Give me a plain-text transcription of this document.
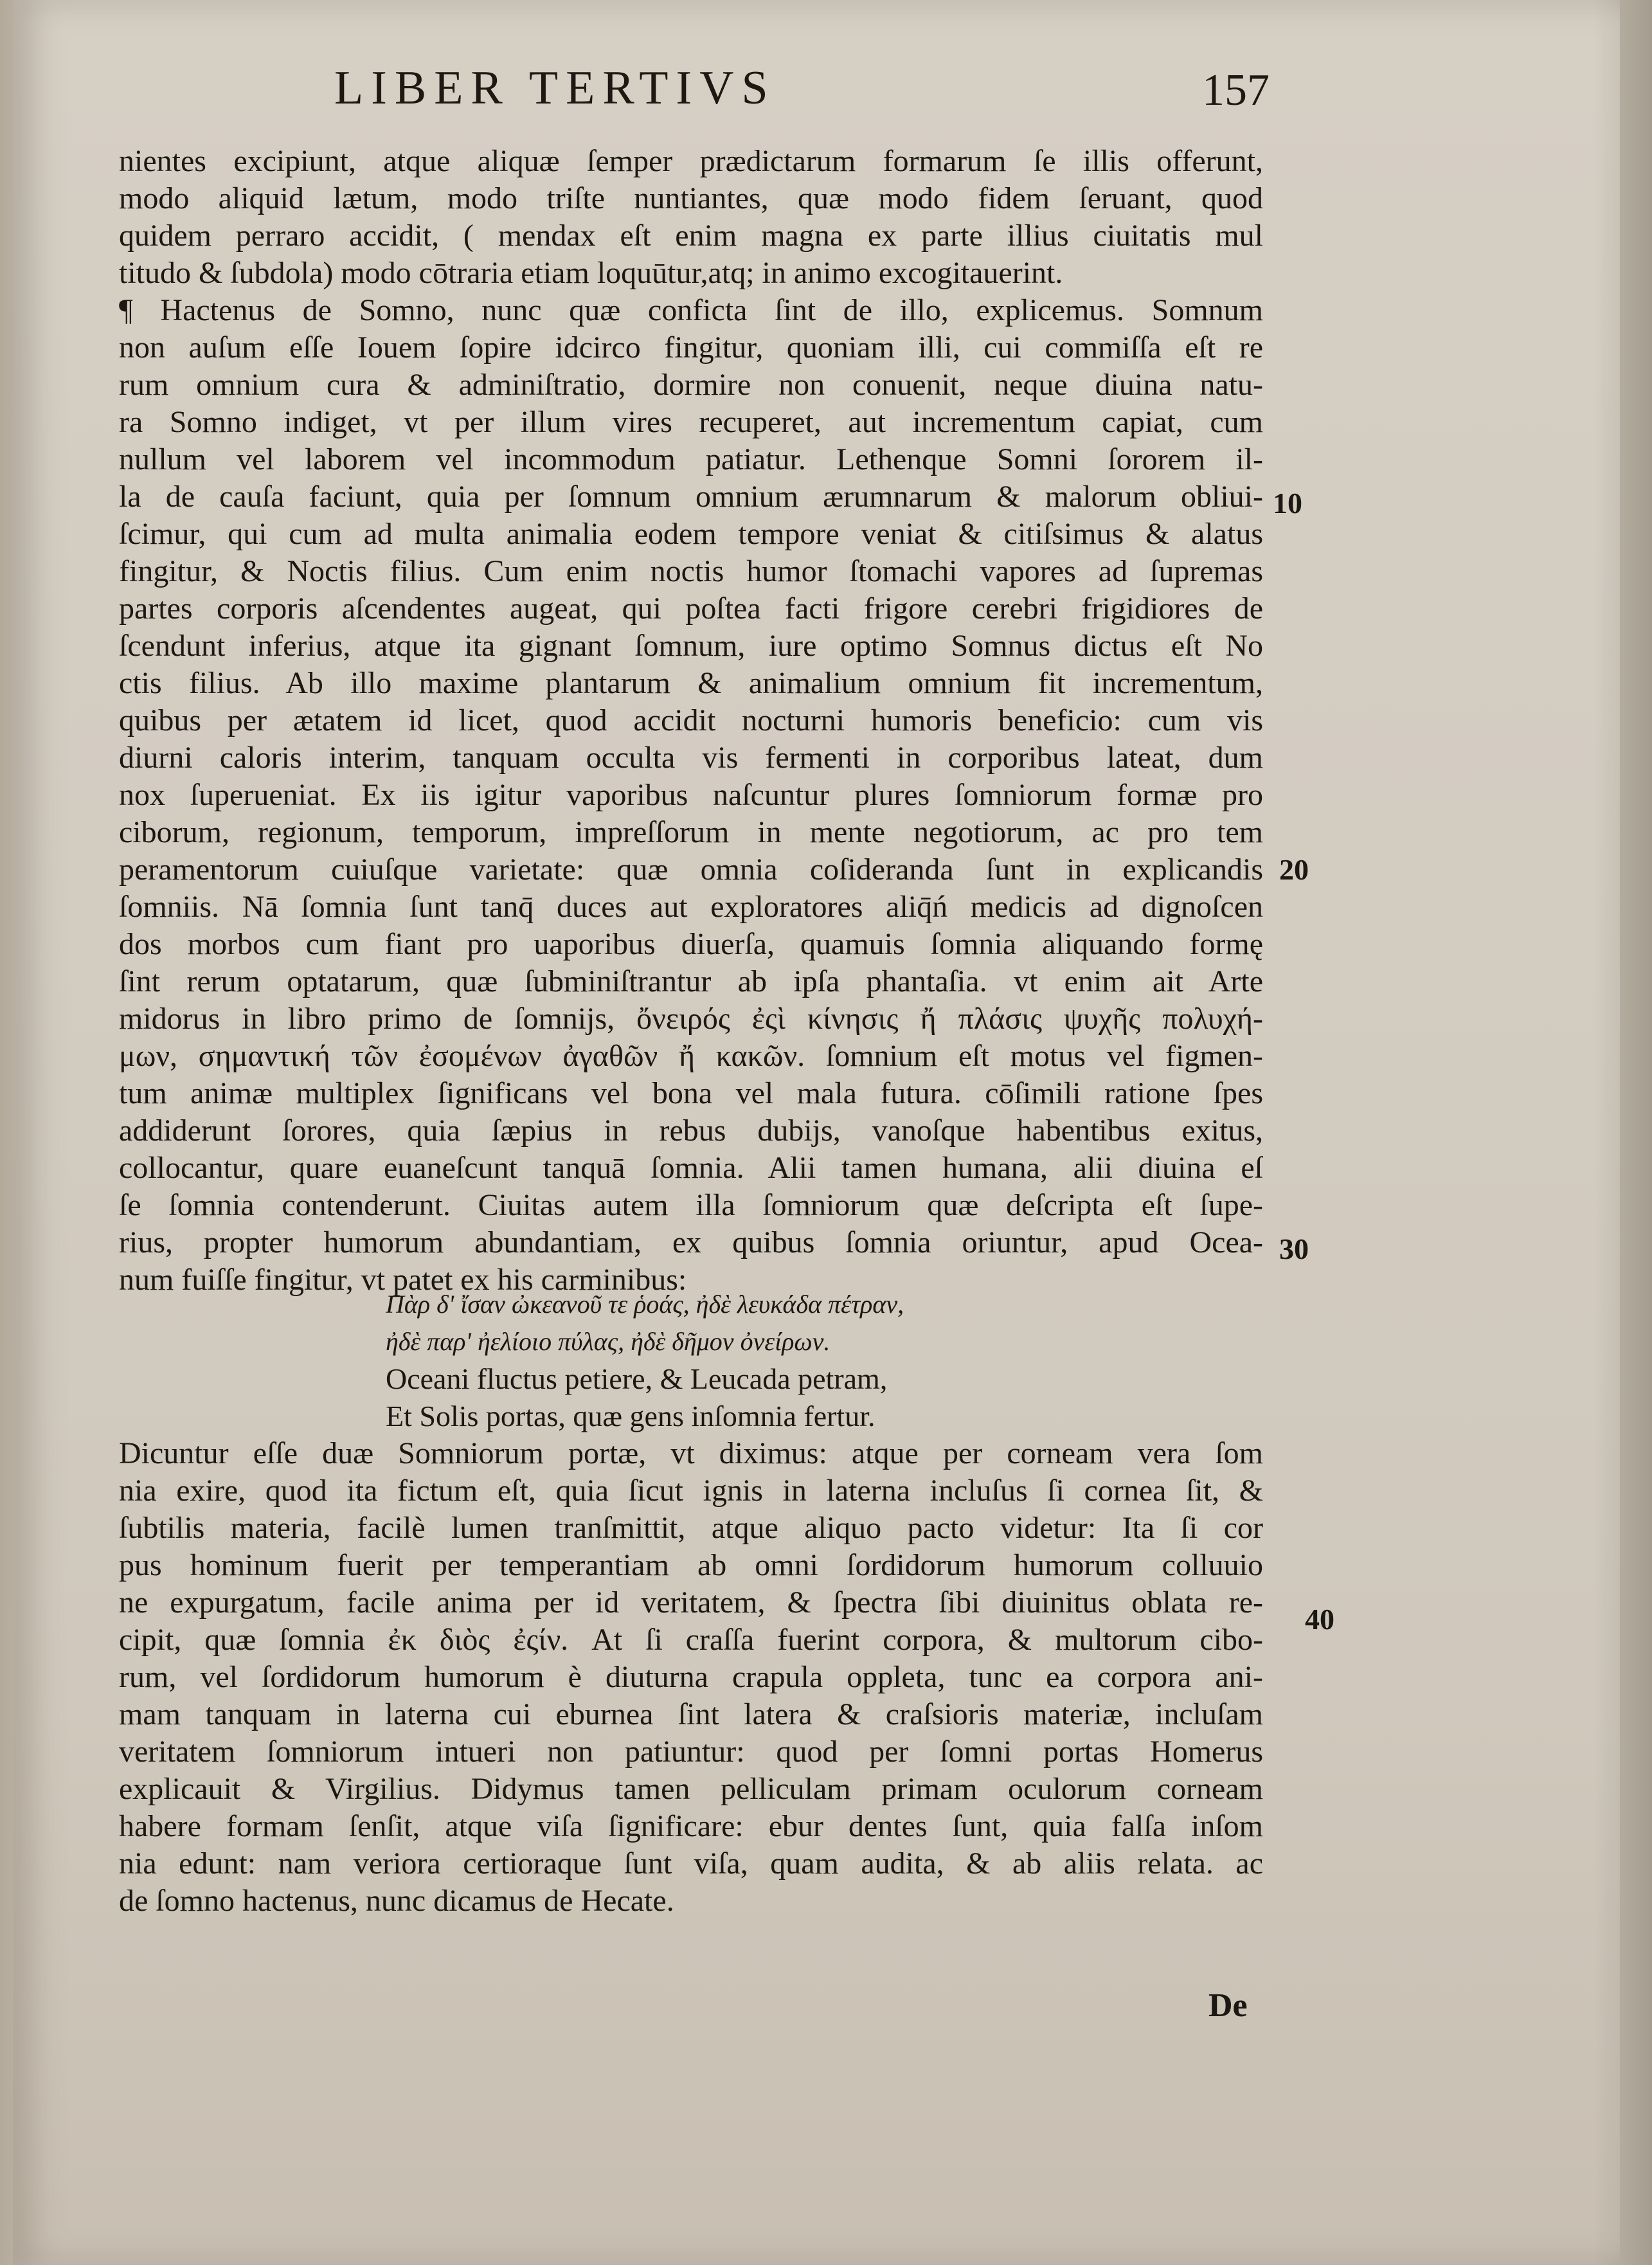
LIBER TERTIVS	157
nientes excipiunt, atque aliquæ ſemper prædictarum formarum ſe illis offerunt,
modo aliquid lætum, modo triſte nuntiantes, quæ modo fidem ſeruant, quod
quidem perraro accidit, ( mendax eſt enim magna ex parte illius ciuitatis mul
titudo & ſubdola) modo cōtraria etiam loquūtur,atq; in animo excogitauerint.
¶ Hactenus de Somno, nunc quæ conficta ſint de illo, explicemus. Somnum
non auſum eſſe Iouem ſopire idcirco fingitur, quoniam illi, cui commiſſa eſt re
rum omnium cura & adminiſtratio, dormire non conuenit, neque diuina natu-
ra Somno indiget, vt per illum vires recuperet, aut incrementum capiat, cum
nullum vel laborem vel incommodum patiatur. Lethenque Somni ſororem il-
la de cauſa faciunt, quia per ſomnum omnium ærumnarum & malorum obliui-
ſcimur, qui cum ad multa animalia eodem tempore veniat & citiſsimus & alatus
fingitur, & Noctis filius. Cum enim noctis humor ſtomachi vapores ad ſupremas
partes corporis aſcendentes augeat, qui poſtea facti frigore cerebri frigidiores de
ſcendunt inferius, atque ita gignant ſomnum, iure optimo Somnus dictus eſt No
ctis filius. Ab illo maxime plantarum & animalium omnium fit incrementum,
quibus per ætatem id licet, quod accidit nocturni humoris beneficio: cum vis
diurni caloris interim, tanquam occulta vis fermenti in corporibus lateat, dum
nox ſuperueniat. Ex iis igitur vaporibus naſcuntur plures ſomniorum formæ pro
ciborum, regionum, temporum, impreſſorum in mente negotiorum, ac pro tem
peramentorum cuiuſque varietate: quæ omnia coſideranda ſunt in explicandis
ſomniis. Nā ſomnia ſunt tanq̄ duces aut exploratores aliq̄ń medicis ad dignoſcen
dos morbos cum fiant pro uaporibus diuerſa, quamuis ſomnia aliquando formę
ſint rerum optatarum, quæ ſubminiſtrantur ab ipſa phantaſia. vt enim ait Arte
midorus in libro primo de ſomnijs, ὄνειρός ἐςὶ κίνησις ἤ πλάσις ψυχῆς πολυχή-
μων, σημαντική τῶν ἐσομένων ἀγαθῶν ἤ κακῶν. ſomnium eſt motus vel figmen-
tum animæ multiplex ſignificans vel bona vel mala futura. cōſimili ratione ſpes
addiderunt ſorores, quia ſæpius in rebus dubijs, vanoſque habentibus exitus,
collocantur, quare euaneſcunt tanquā ſomnia. Alii tamen humana, alii diuina eſ
ſe ſomnia contenderunt. Ciuitas autem illa ſomniorum quæ deſcripta eſt ſupe-
rius, propter humorum abundantiam, ex quibus ſomnia oriuntur, apud Ocea-
num fuiſſe fingitur, vt patet ex his carminibus:
Πὰρ δ' ἴσαν ὠκεανοῦ τε ῥοάς, ἠδὲ λευκάδα πέτραν,
ἠδὲ παρ' ἠελίοιο πύλας, ἠδὲ δῆμον ὀνείρων.
Oceani fluctus petiere, & Leucada petram,
Et Solis portas, quæ gens inſomnia fertur.
Dicuntur eſſe duæ Somniorum portæ, vt diximus: atque per corneam vera ſom
nia exire, quod ita fictum eſt, quia ſicut ignis in laterna incluſus ſi cornea ſit, &
ſubtilis materia, facilè lumen tranſmittit, atque aliquo pacto videtur: Ita ſi cor
pus hominum fuerit per temperantiam ab omni ſordidorum humorum colluuio
ne expurgatum, facile anima per id veritatem, & ſpectra ſibi diuinitus oblata re-
cipit, quæ ſomnia ἐκ διὸς ἐςίν. At ſi craſſa fuerint corpora, & multorum cibo-
rum, vel ſordidorum humorum è diuturna crapula oppleta, tunc ea corpora ani-
mam tanquam in laterna cui eburnea ſint latera & craſsioris materiæ, incluſam
veritatem ſomniorum intueri non patiuntur: quod per ſomni portas Homerus
explicauit & Virgilius. Didymus tamen pelliculam primam oculorum corneam
habere formam ſenſit, atque viſa ſignificare: ebur dentes ſunt, quia falſa inſom
nia edunt: nam veriora certioraque ſunt viſa, quam audita, & ab aliis relata. ac
de ſomno hactenus, nunc dicamus de Hecate.
10
20
30
40
De
